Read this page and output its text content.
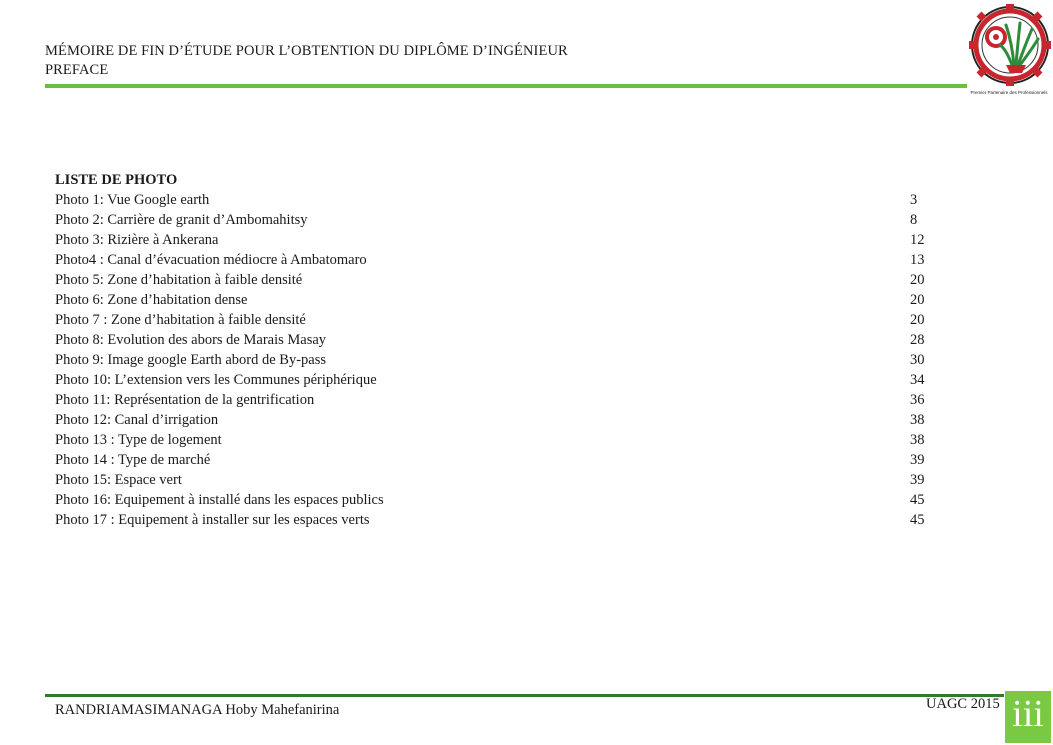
MÉMOIRE DE FIN D’ÉTUDE POUR L’OBTENTION DU DIPLÔME D’INGÉNIEUR
PREFACE
Premier Partenaire des Professionnels
LISTE DE PHOTO
Photo 1: Vue Google earth	3
Photo 2: Carrière de granit d’Ambomahitsy	8
Photo 3: Rizière à Ankerana	12
Photo4 : Canal d’évacuation médiocre à Ambatomaro	13
Photo 5: Zone d’habitation à faible densité	20
Photo 6: Zone d’habitation dense	20
Photo 7 : Zone d’habitation à faible densité	20
Photo 8: Evolution des abors de Marais Masay	28
Photo 9: Image google Earth abord de By-pass	30
Photo 10: L’extension vers les Communes périphérique	34
Photo 11: Représentation de la gentrification	36
Photo 12: Canal d’irrigation	38
Photo 13 : Type de logement	38
Photo 14 : Type de marché	39
Photo 15: Espace vert	39
Photo 16: Equipement à installé dans les espaces publics	45
Photo 17 : Equipement à installer sur les espaces verts	45
RANDRIAMASIMANAGA Hoby Mahefanirina	UAGC 2015 iii
